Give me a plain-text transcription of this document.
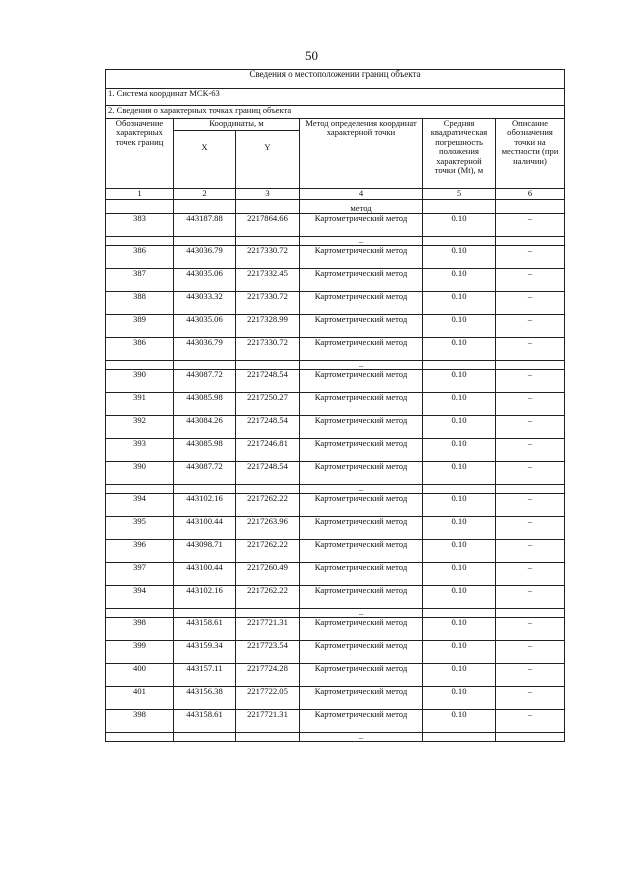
50
Сведения о местоположении границ объекта					
1. Система координат МСК-63					
2. Сведения о характерных точках границ объекта					
Обозначение характерных точек границ	Координаты, м		Метод определения координат характерной точки	Средняя квадратическая погрешность положения характерной точки (Mt), м	Описание обозначения точки на местности (при наличии)
	X	Y			
1	2	3	4	5	6
			метод		
383	443187.88	2217864.66	Картометрический метод	0.10	–
			–		
386	443036.79	2217330.72	Картометрический метод	0.10	–
387	443035.06	2217332.45	Картометрический метод	0.10	–
388	443033.32	2217330.72	Картометрический метод	0.10	–
389	443035.06	2217328.99	Картометрический метод	0.10	–
386	443036.79	2217330.72	Картометрический метод	0.10	–
			–		
390	443087.72	2217248.54	Картометрический метод	0.10	–
391	443085.98	2217250.27	Картометрический метод	0.10	–
392	443084.26	2217248.54	Картометрический метод	0.10	–
393	443085.98	2217246.81	Картометрический метод	0.10	–
390	443087.72	2217248.54	Картометрический метод	0.10	–
			–		
394	443102.16	2217262.22	Картометрический метод	0.10	–
395	443100.44	2217263.96	Картометрический метод	0.10	–
396	443098.71	2217262.22	Картометрический метод	0.10	–
397	443100.44	2217260.49	Картометрический метод	0.10	–
394	443102.16	2217262.22	Картометрический метод	0.10	–
			–		
398	443158.61	2217721.31	Картометрический метод	0.10	–
399	443159.34	2217723.54	Картометрический метод	0.10	–
400	443157.11	2217724.28	Картометрический метод	0.10	–
401	443156.38	2217722.05	Картометрический метод	0.10	–
398	443158.61	2217721.31	Картометрический метод	0.10	–
			–		
